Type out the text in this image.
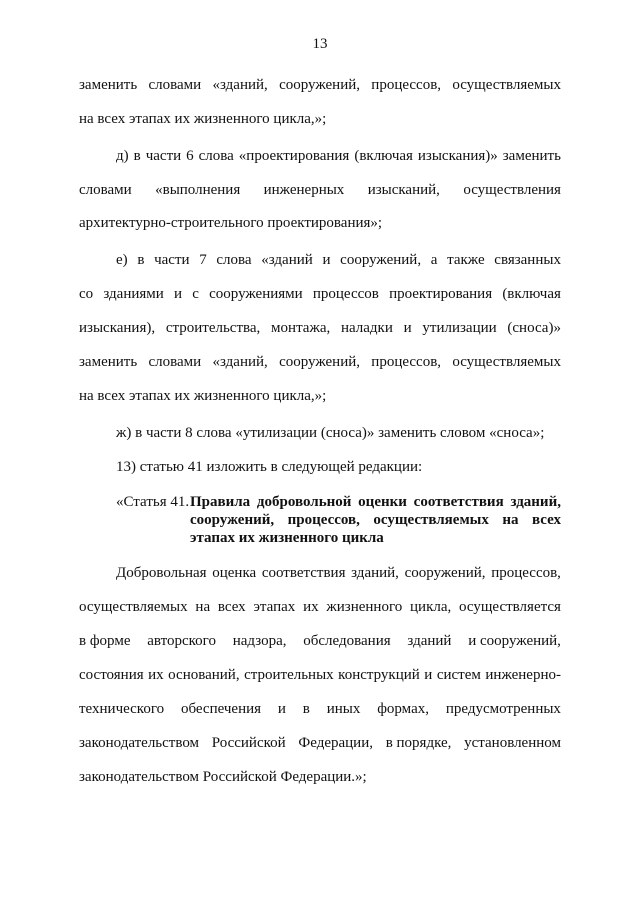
13
заменить словами «зданий, сооружений, процессов, осуществляемых
на всех этапах их жизненного цикла,»;
д) в части 6 слова «проектирования (включая изыскания)» заменить
словами «выполнения инженерных изысканий, осуществления
архитектурно-строительного проектирования»;
е) в части 7 слова «зданий и сооружений, а также связанных
со зданиями и с сооружениями процессов проектирования (включая
изыскания), строительства, монтажа, наладки и утилизации (сноса)»
заменить словами «зданий, сооружений, процессов, осуществляемых
на всех этапах их жизненного цикла,»;
ж) в части 8 слова «утилизации (сноса)» заменить словом «сноса»;
13) статью 41 изложить в следующей редакции:
«Статья 41. Правила добровольной оценки соответствия зданий,
сооружений, процессов, осуществляемых на всех
этапах их жизненного цикла
Добровольная оценка соответствия зданий, сооружений, процессов,
осуществляемых на всех этапах их жизненного цикла, осуществляется
в форме авторского надзора, обследования зданий и сооружений,
состояния их оснований, строительных конструкций и систем инженерно-
технического обеспечения и в иных формах, предусмотренных
законодательством Российской Федерации, в порядке, установленном
законодательством Российской Федерации.»;
